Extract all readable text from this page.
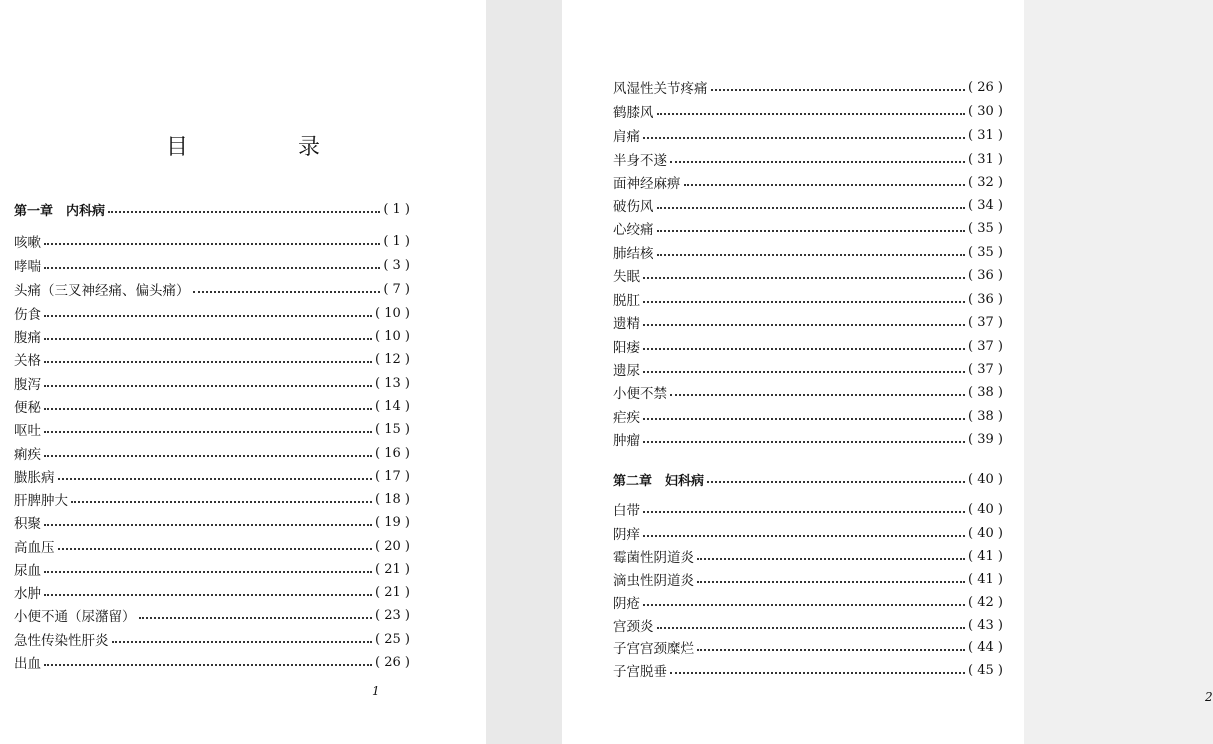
目　录
1	2
第一章　内科病	( 1 )
咳嗽	( 1 )
哮喘	( 3 )
头痛（三叉神经痛、偏头痛）	( 7 )
伤食	( 10 )
腹痛	( 10 )
关格	( 12 )
腹泻	( 13 )
便秘	( 14 )
呕吐	( 15 )
痢疾	( 16 )
臌胀病	( 17 )
肝脾肿大	( 18 )
积聚	( 19 )
高血压	( 20 )
尿血	( 21 )
水肿	( 21 )
小便不通（尿潴留）	( 23 )
急性传染性肝炎	( 25 )
出血	( 26 )
风湿性关节疼痛	( 26 )
鹤膝风	( 30 )
肩痛	( 31 )
半身不遂	( 31 )
面神经麻痹	( 32 )
破伤风	( 34 )
心绞痛	( 35 )
肺结核	( 35 )
失眠	( 36 )
脱肛	( 36 )
遗精	( 37 )
阳痿	( 37 )
遗尿	( 37 )
小便不禁	( 38 )
疟疾	( 38 )
肿瘤	( 39 )
第二章　妇科病	( 40 )
白带	( 40 )
阴痒	( 40 )
霉菌性阴道炎	( 41 )
滴虫性阴道炎	( 41 )
阴疮	( 42 )
宫颈炎	( 43 )
子宫宫颈糜烂	( 44 )
子宫脱垂	( 45 )
